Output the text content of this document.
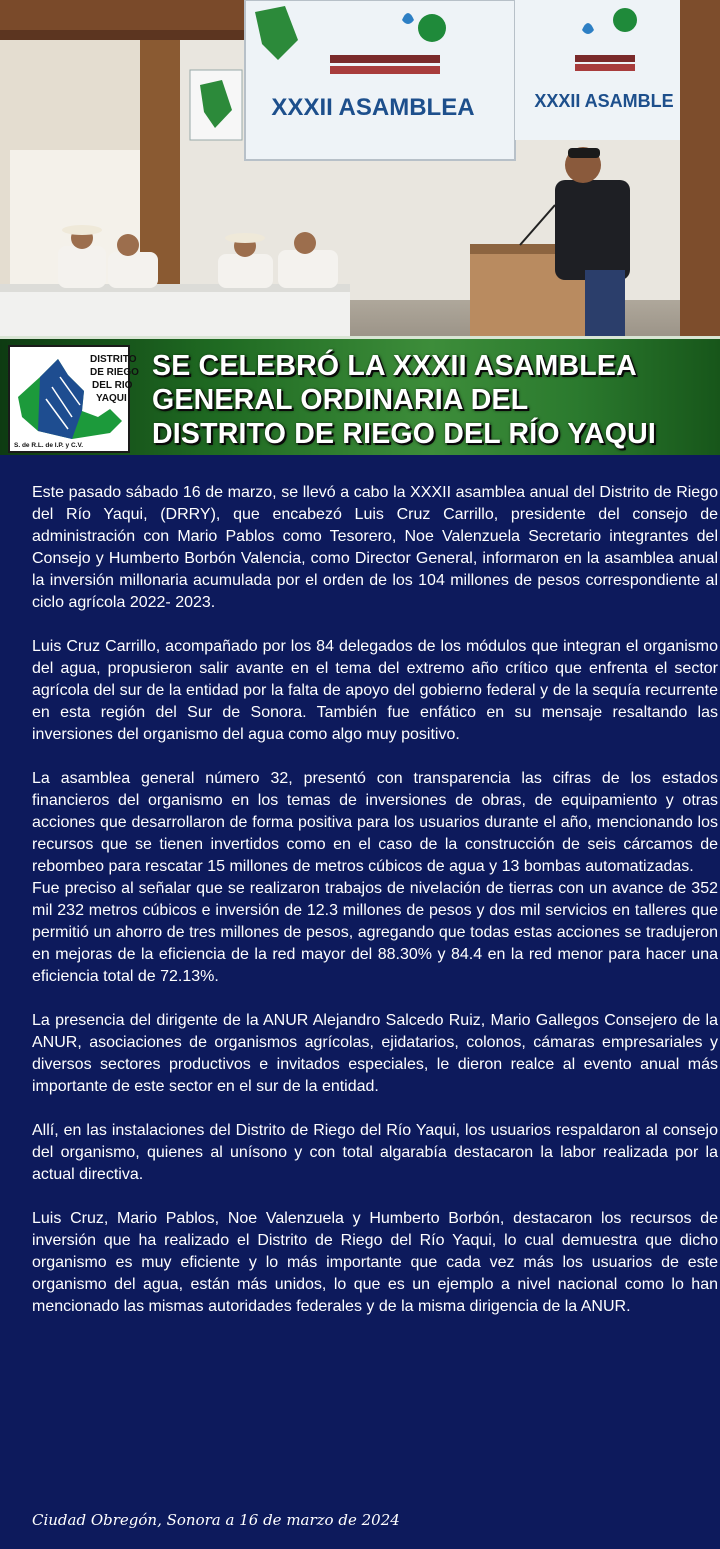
XXXII ASAMBLEA	XXXII ASAMBLE
DISTRITO
DE RIEGO
DEL RIO
YAQUI
S. de R.L. de I.P. y C.V.
SE CELEBRÓ LA XXXII ASAMBLEA
GENERAL ORDINARIA DEL
DISTRITO DE RIEGO DEL RÍO YAQUI

Este pasado sábado 16 de marzo, se llevó a cabo la XXXII asamblea anual del Distrito de Riego del Río Yaqui, (DRRY), que encabezó Luis Cruz Carrillo, presidente del consejo de administración con Mario Pablos como Tesorero, Noe Valenzuela Secretario integrantes del Consejo y Humberto Borbón Valencia, como Director General, informaron en la asamblea anual la inversión millonaria acumulada por el orden de los 104 millones de pesos correspondiente al ciclo agrícola 2022- 2023.

Luis Cruz Carrillo, acompañado por los 84 delegados de los módulos que integran el organismo del agua, propusieron salir avante en el tema del extremo año crítico que enfrenta el sector agrícola del sur de la entidad por la falta de apoyo del gobierno federal y de la sequía recurrente en esta región del Sur de Sonora. También fue enfático en su mensaje resaltando las inversiones del organismo del agua como algo muy positivo.

La asamblea general número 32, presentó con transparencia las cifras de los estados financieros del organismo en los temas de inversiones de obras, de equipamiento y otras acciones que desarrollaron de forma positiva para los usuarios durante el año, mencionando los recursos que se tienen invertidos como en el caso de la construcción de seis cárcamos de rebombeo para rescatar 15 millones de metros cúbicos de agua y 13 bombas automatizadas.

Fue preciso al señalar que se realizaron trabajos de nivelación de tierras con un avance de 352 mil 232 metros cúbicos e inversión de 12.3 millones de pesos y dos mil servicios en talleres que permitió un ahorro de tres millones de pesos, agregando que todas estas acciones se tradujeron en mejoras de la eficiencia de la red mayor del 88.30% y 84.4 en la red menor para hacer una eficiencia total de 72.13%.

La presencia del dirigente de la ANUR Alejandro Salcedo Ruiz, Mario Gallegos Consejero de la ANUR, asociaciones de organismos agrícolas, ejidatarios, colonos, cámaras empresariales y diversos sectores productivos e invitados especiales, le dieron realce al evento anual más importante de este sector en el sur de la entidad.

Allí, en las instalaciones del Distrito de Riego del Río Yaqui, los usuarios respaldaron al consejo del organismo, quienes al unísono y con total algarabía destacaron la labor realizada por la actual directiva.

Luis Cruz, Mario Pablos, Noe Valenzuela y Humberto Borbón, destacaron los recursos de inversión que ha realizado el Distrito de Riego del Río Yaqui, lo cual demuestra que dicho organismo es muy eficiente y lo más importante que cada vez más los usuarios de este organismo del agua, están más unidos, lo que es un ejemplo a nivel nacional como lo han mencionado las mismas autoridades federales y de la misma dirigencia de la ANUR.

Ciudad Obregón, Sonora a 16 de marzo de 2024
